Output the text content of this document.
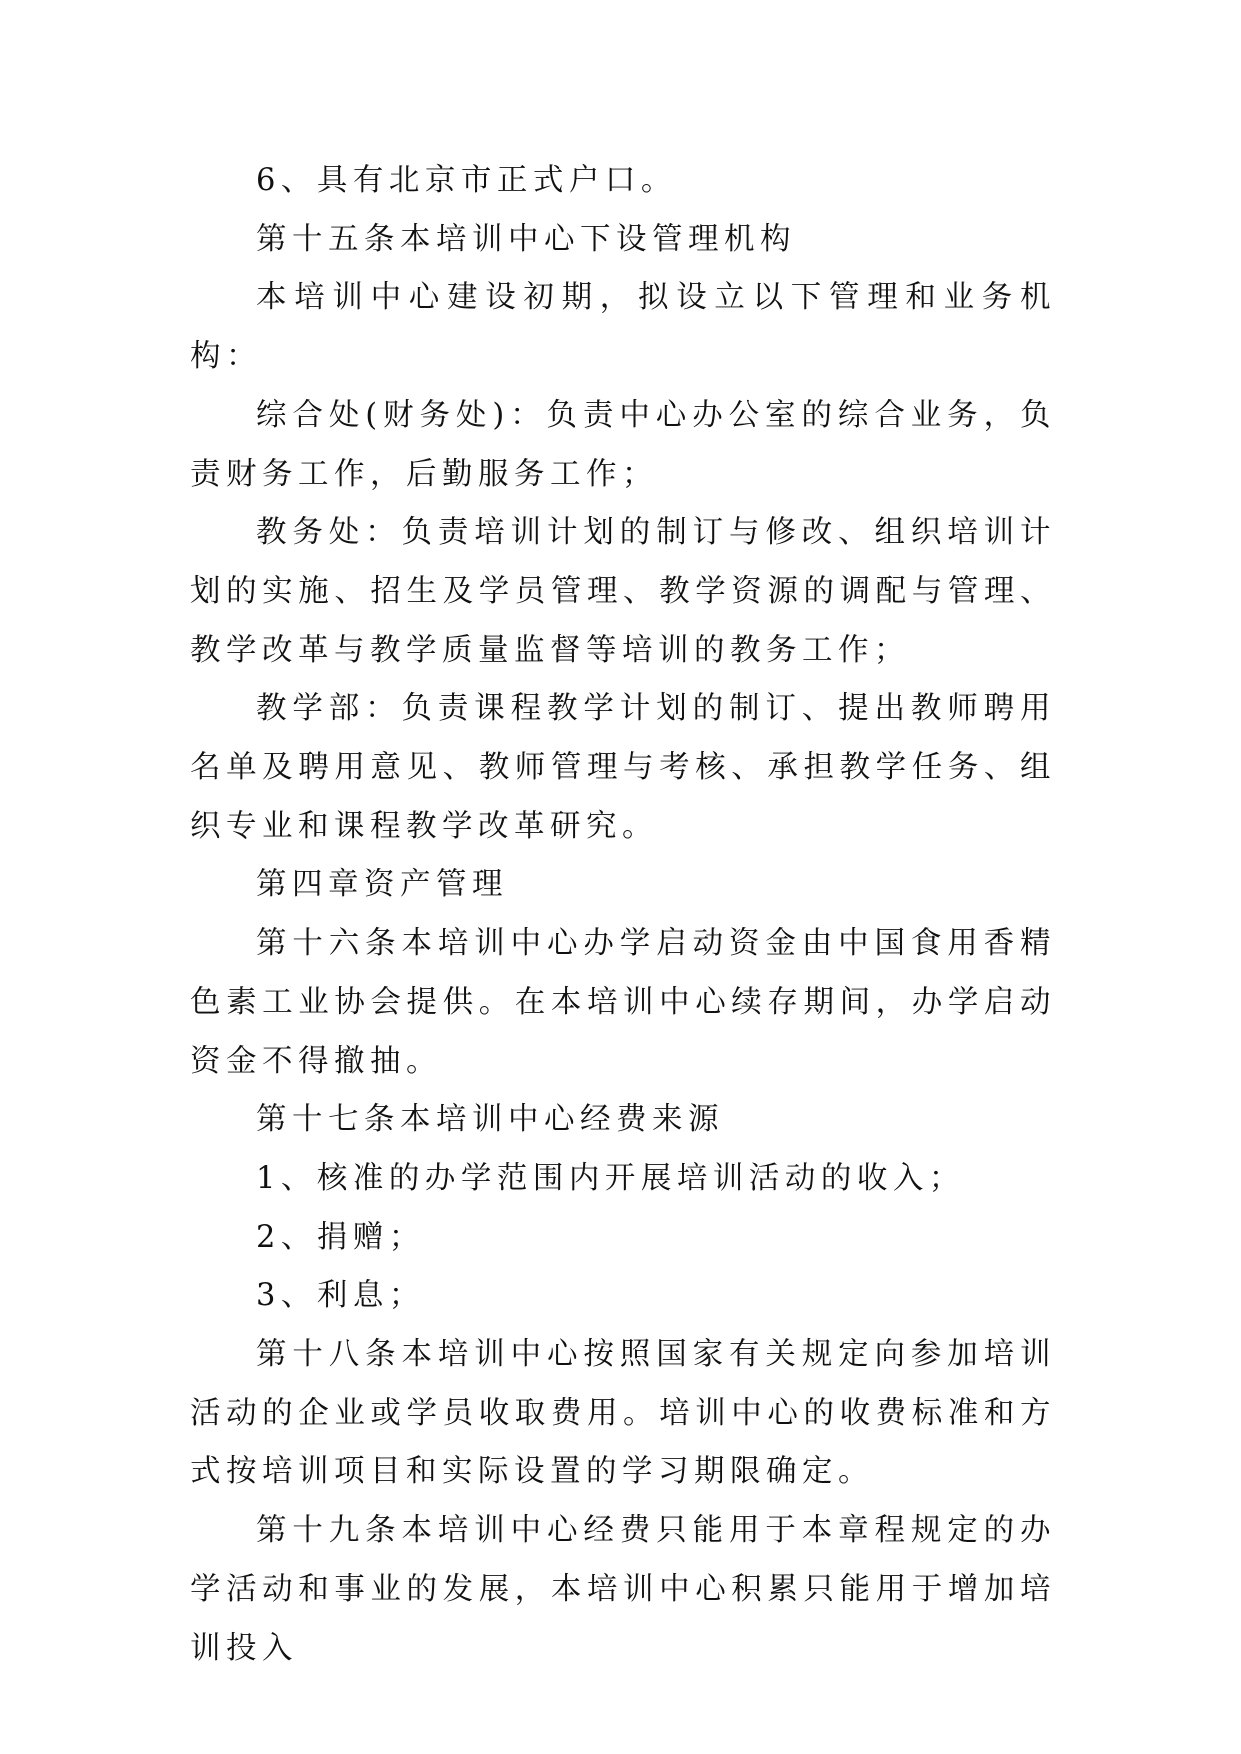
6、具有北京市正式户口。

第十五条本培训中心下设管理机构

本培训中心建设初期，拟设立以下管理和业务机构：

综合处(财务处)：负责中心办公室的综合业务，负责财务工作，后勤服务工作；

教务处：负责培训计划的制订与修改、组织培训计划的实施、招生及学员管理、教学资源的调配与管理、教学改革与教学质量监督等培训的教务工作；

教学部：负责课程教学计划的制订、提出教师聘用名单及聘用意见、教师管理与考核、承担教学任务、组织专业和课程教学改革研究。

第四章资产管理

第十六条本培训中心办学启动资金由中国食用香精色素工业协会提供。在本培训中心续存期间，办学启动资金不得撤抽。

第十七条本培训中心经费来源

1、核准的办学范围内开展培训活动的收入；

2、捐赠；

3、利息；

第十八条本培训中心按照国家有关规定向参加培训活动的企业或学员收取费用。培训中心的收费标准和方式按培训项目和实际设置的学习期限确定。

第十九条本培训中心经费只能用于本章程规定的办学活动和事业的发展，本培训中心积累只能用于增加培训投入
